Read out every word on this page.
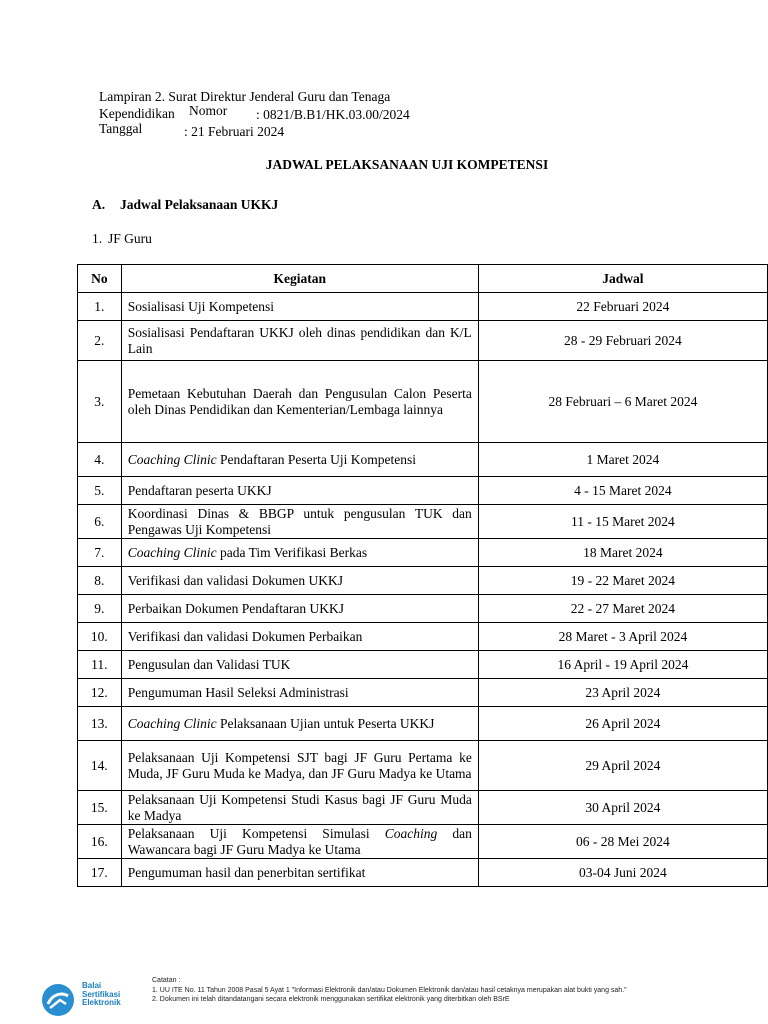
Lampiran 2. Surat Direktur Jenderal Guru dan Tenaga
Kependidikan Nomor : 0821/B.B1/HK.03.00/2024
Tanggal	: 21 Februari 2024
JADWAL PELAKSANAAN UJI KOMPETENSI
A. Jadwal Pelaksanaan UKKJ
1. JF Guru
No	Kegiatan	Jadwal
1.	Sosialisasi Uji Kompetensi	22 Februari 2024
2.	Sosialisasi Pendaftaran UKKJ oleh dinas pendidikan dan K/L Lain	28 - 29 Februari 2024
3.	Pemetaan Kebutuhan Daerah dan Pengusulan Calon Peserta oleh Dinas Pendidikan dan Kementerian/Lembaga lainnya	28 Februari – 6 Maret 2024
4.	Coaching Clinic Pendaftaran Peserta Uji Kompetensi	1 Maret 2024
5.	Pendaftaran peserta UKKJ	4 - 15 Maret 2024
6.	Koordinasi Dinas & BBGP untuk pengusulan TUK dan Pengawas Uji Kompetensi	11 - 15 Maret 2024
7.	Coaching Clinic pada Tim Verifikasi Berkas	18 Maret 2024
8.	Verifikasi dan validasi Dokumen UKKJ	19 - 22 Maret 2024
9.	Perbaikan Dokumen Pendaftaran UKKJ	22 - 27 Maret 2024
10.	Verifikasi dan validasi Dokumen Perbaikan	28 Maret - 3 April 2024
11.	Pengusulan dan Validasi TUK	16 April - 19 April 2024
12.	Pengumuman Hasil Seleksi Administrasi	23 April 2024
13.	Coaching Clinic Pelaksanaan Ujian untuk Peserta UKKJ	26 April 2024
14.	Pelaksanaan Uji Kompetensi SJT bagi JF Guru Pertama ke Muda, JF Guru Muda ke Madya, dan JF Guru Madya ke Utama	29 April 2024
15.	Pelaksanaan Uji Kompetensi Studi Kasus bagi JF Guru Muda ke Madya	30 April 2024
16.	Pelaksanaan Uji Kompetensi Simulasi Coaching dan Wawancara bagi JF Guru Madya ke Utama	06 - 28 Mei 2024
17.	Pengumuman hasil dan penerbitan sertifikat	03-04 Juni 2024
Balai
Sertifikasi
Elektronik
Catatan :
1. UU ITE No. 11 Tahun 2008 Pasal 5 Ayat 1 "Informasi Elektronik dan/atau Dokumen Elektronik dan/atau hasil cetaknya merupakan alat bukti yang sah."
2. Dokumen ini telah ditandatangani secara elektronik menggunakan sertifikat elektronik yang diterbitkan oleh BSrE
